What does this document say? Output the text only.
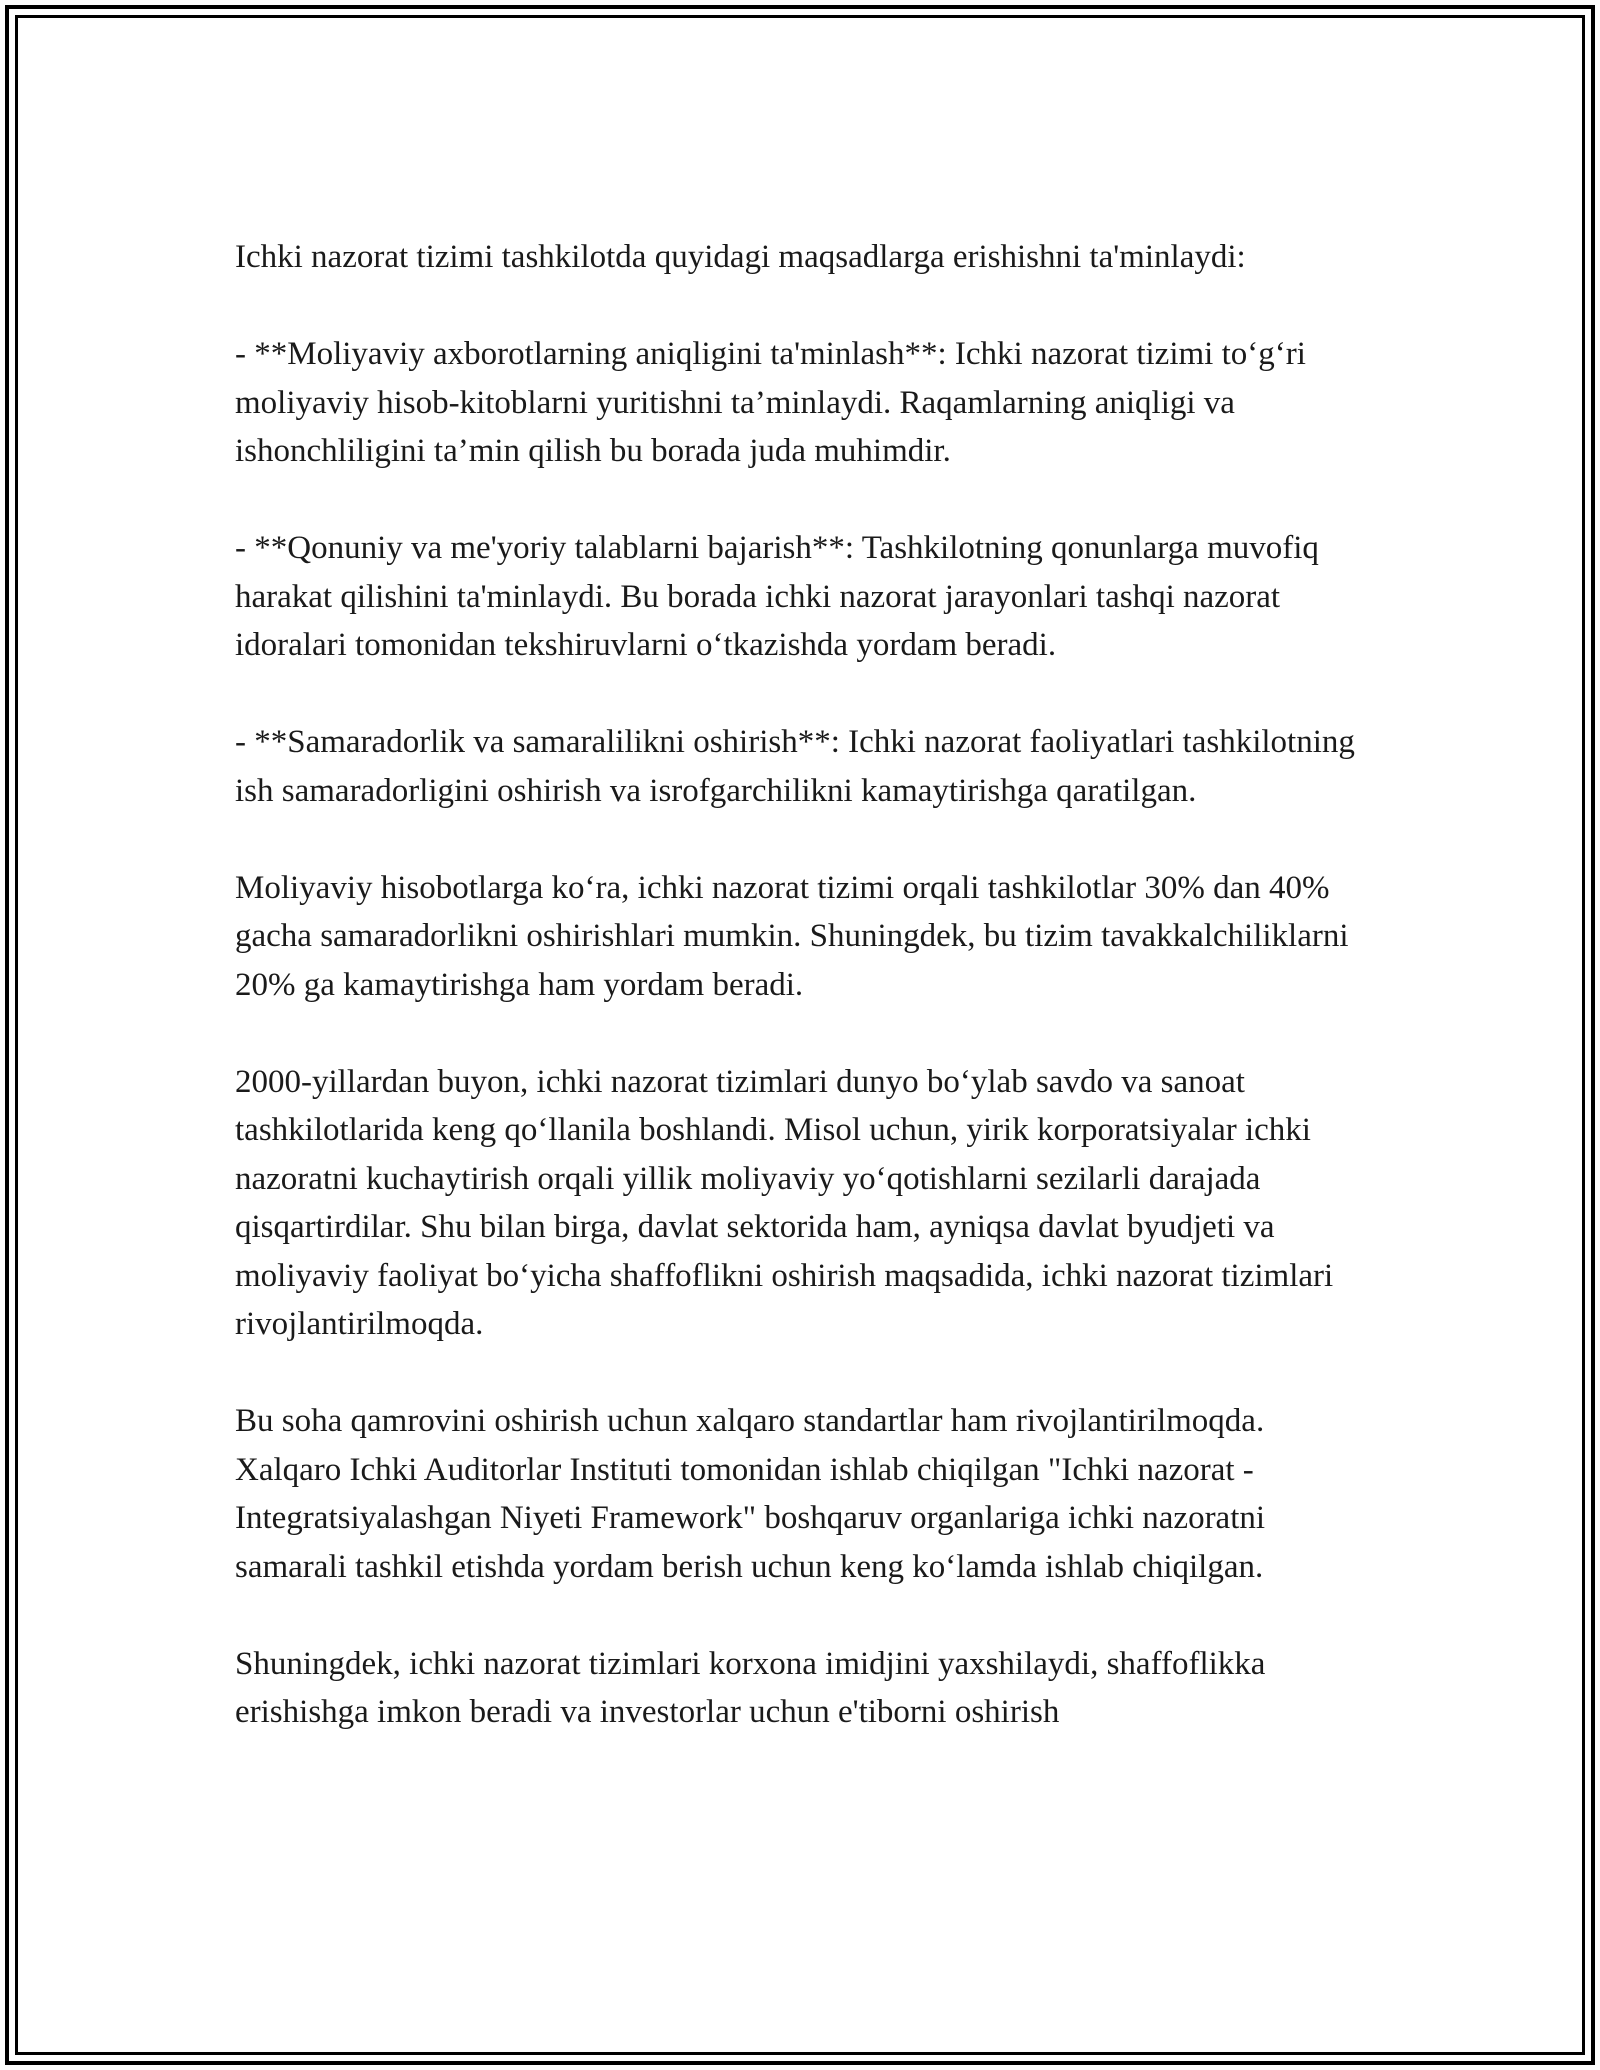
Ichki nazorat tizimi tashkilotda quyidagi maqsadlarga erishishni ta'minlaydi:

- **Moliyaviy axborotlarning aniqligini ta'minlash**: Ichki nazorat tizimi to‘g‘ri moliyaviy hisob-kitoblarni yuritishni ta’minlaydi. Raqamlarning aniqligi va ishonchliligini ta’min qilish bu borada juda muhimdir.

- **Qonuniy va me'yoriy talablarni bajarish**: Tashkilotning qonunlarga muvofiq harakat qilishini ta'minlaydi. Bu borada ichki nazorat jarayonlari tashqi nazorat idoralari tomonidan tekshiruvlarni o‘tkazishda yordam beradi.

- **Samaradorlik va samaralilikni oshirish**: Ichki nazorat faoliyatlari tashkilotning ish samaradorligini oshirish va isrofgarchilikni kamaytirishga qaratilgan.

Moliyaviy hisobotlarga ko‘ra, ichki nazorat tizimi orqali tashkilotlar 30% dan 40% gacha samaradorlikni oshirishlari mumkin. Shuningdek, bu tizim tavakkalchiliklarni 20% ga kamaytirishga ham yordam beradi.

2000-yillardan buyon, ichki nazorat tizimlari dunyo bo‘ylab savdo va sanoat tashkilotlarida keng qo‘llanila boshlandi. Misol uchun, yirik korporatsiyalar ichki nazoratni kuchaytirish orqali yillik moliyaviy yo‘qotishlarni sezilarli darajada qisqartirdilar. Shu bilan birga, davlat sektorida ham, ayniqsa davlat byudjeti va moliyaviy faoliyat bo‘yicha shaffoflikni oshirish maqsadida, ichki nazorat tizimlari rivojlantirilmoqda.

Bu soha qamrovini oshirish uchun xalqaro standartlar ham rivojlantirilmoqda. Xalqaro Ichki Auditorlar Instituti tomonidan ishlab chiqilgan "Ichki nazorat - Integratsiyalashgan Niyeti Framework" boshqaruv organlariga ichki nazoratni samarali tashkil etishda yordam berish uchun keng ko‘lamda ishlab chiqilgan.

Shuningdek, ichki nazorat tizimlari korxona imidjini yaxshilaydi, shaffoflikka erishishga imkon beradi va investorlar uchun e'tiborni oshirish
